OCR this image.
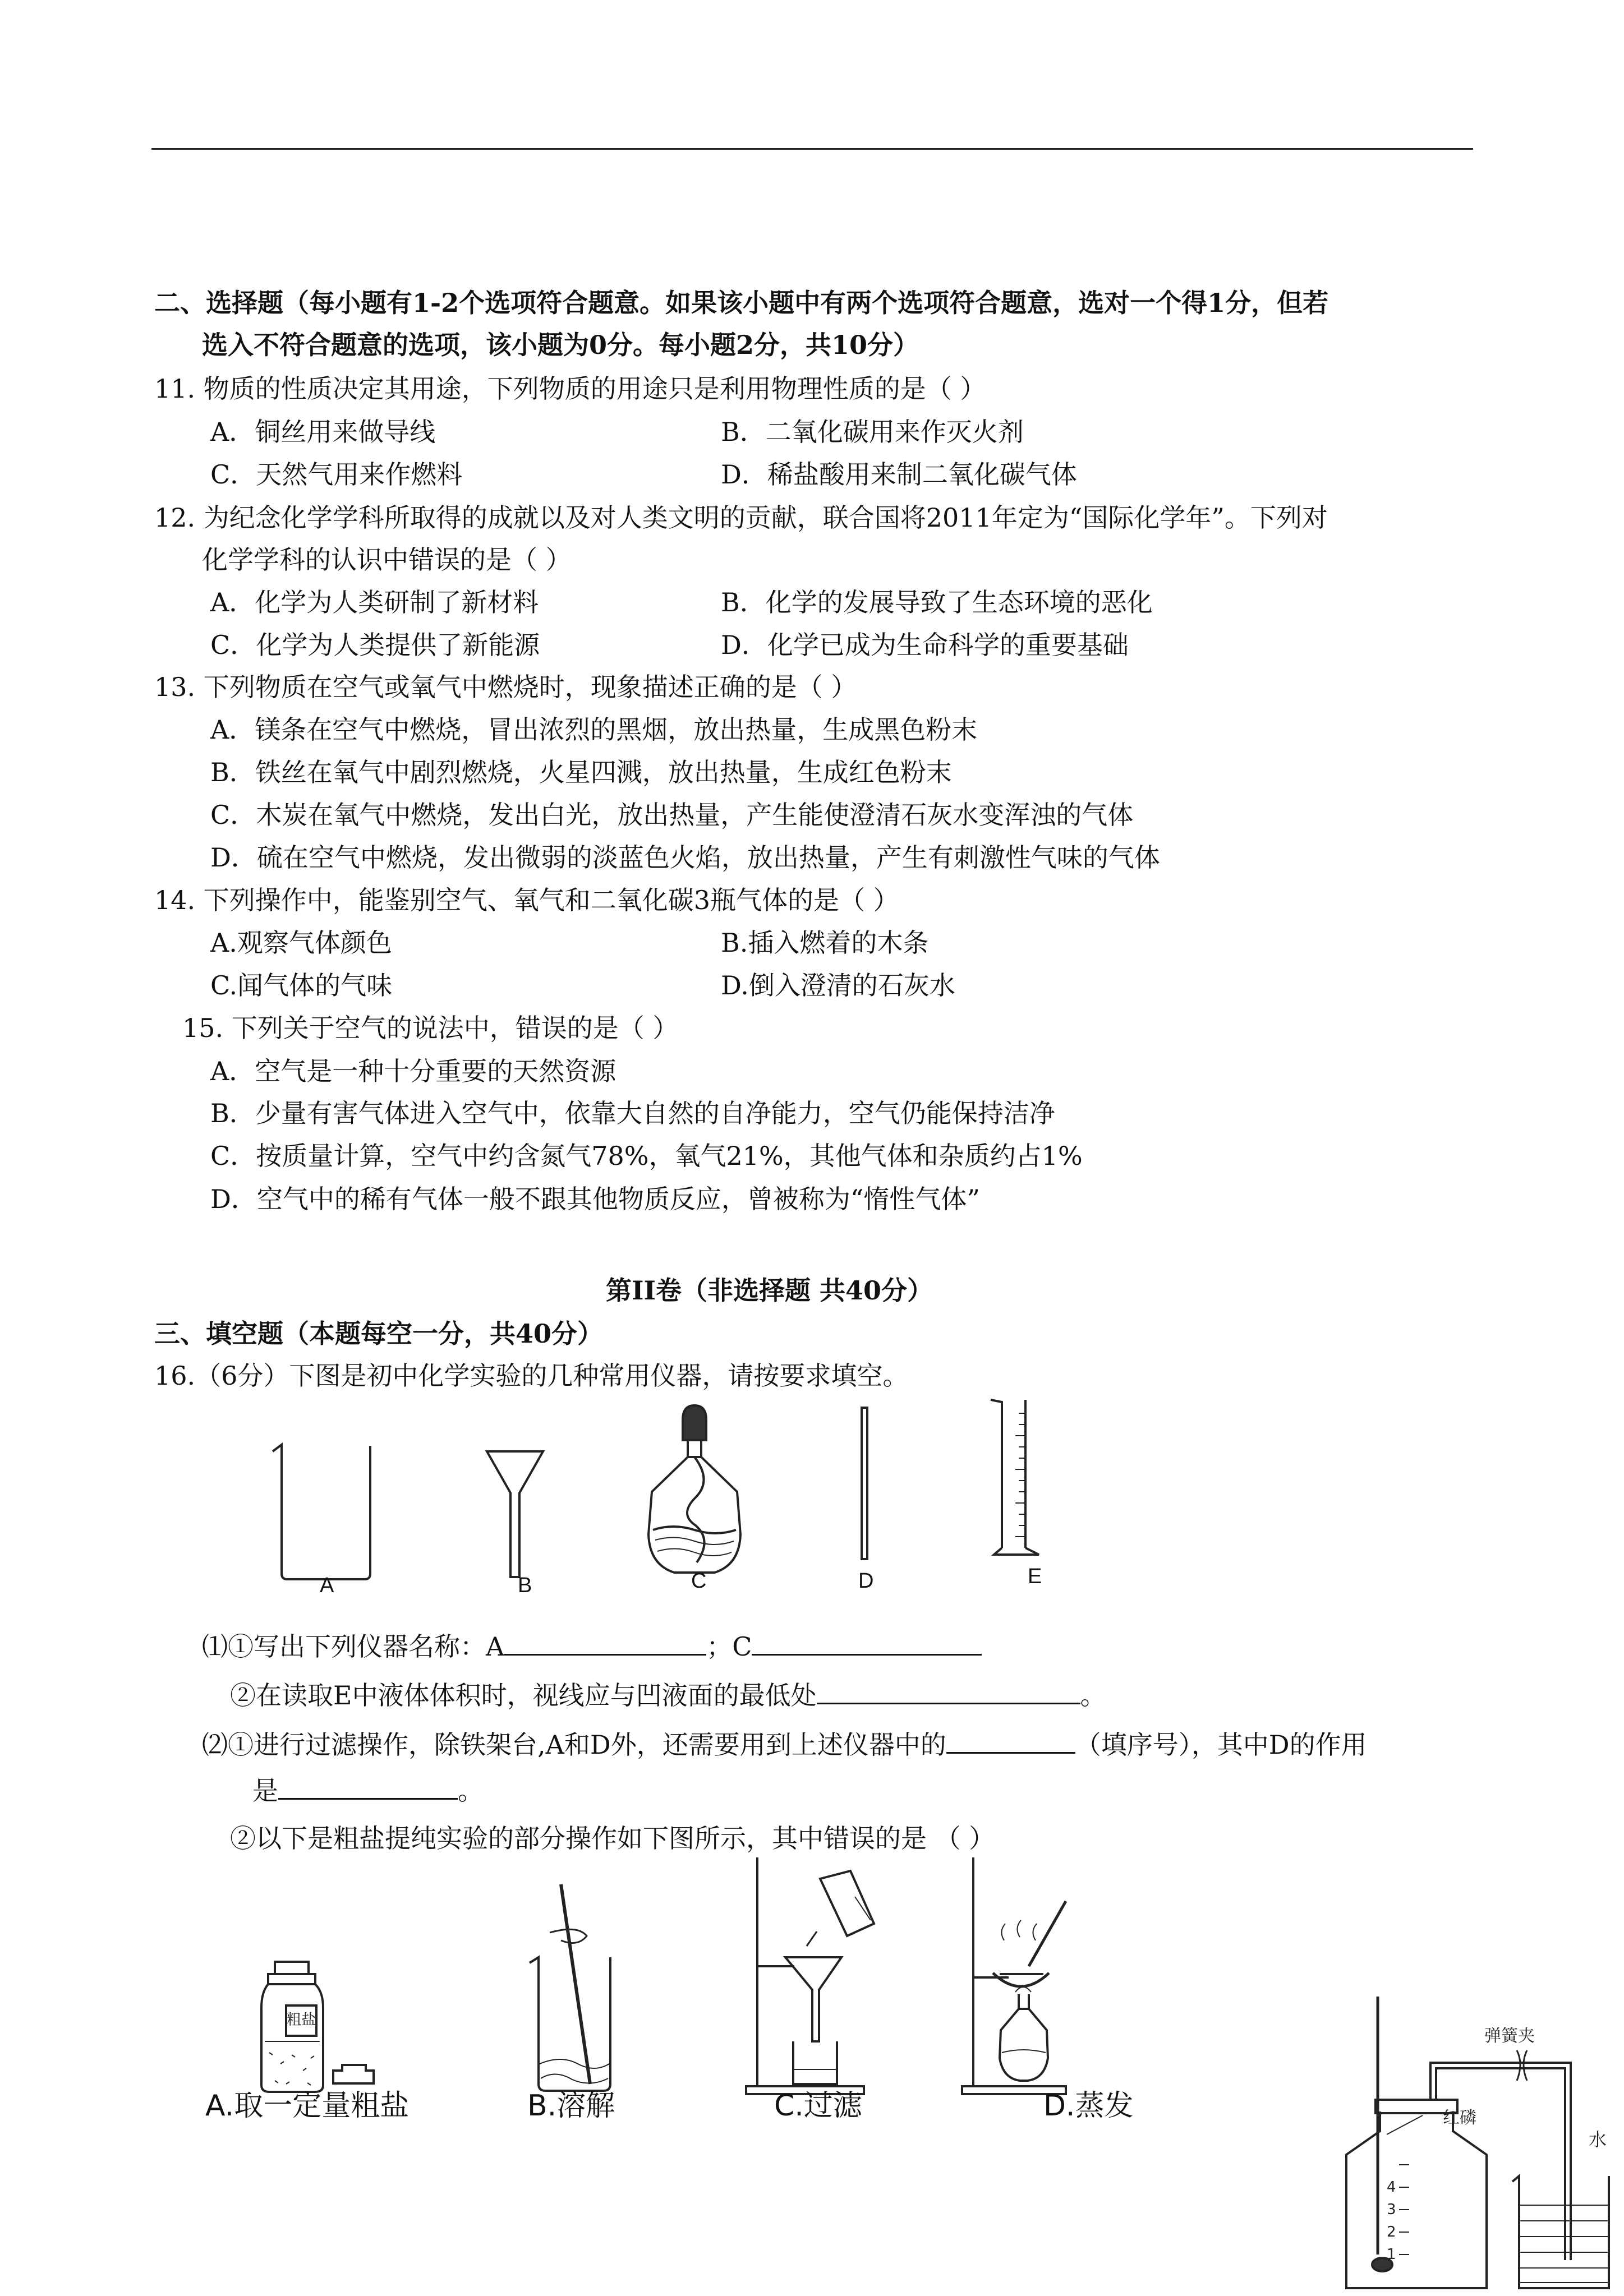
二、选择题（每小题有1-2个选项符合题意。如果该小题中有两个选项符合题意，选对一个得1分，但若
选入不符合题意的选项，该小题为0分。每小题2分，共10分）
11. 物质的性质决定其用途，下列物质的用途只是利用物理性质的是（ ）
A．铜丝用来做导线	B．二氧化碳用来作灭火剂
C．天然气用来作燃料	D．稀盐酸用来制二氧化碳气体
12. 为纪念化学学科所取得的成就以及对人类文明的贡献，联合国将2011年定为“国际化学年”。下列对
化学学科的认识中错误的是（ ）
A．化学为人类研制了新材料	B．化学的发展导致了生态环境的恶化
C．化学为人类提供了新能源	D．化学已成为生命科学的重要基础
13. 下列物质在空气或氧气中燃烧时，现象描述正确的是（ ）
A．镁条在空气中燃烧，冒出浓烈的黑烟，放出热量，生成黑色粉末
B．铁丝在氧气中剧烈燃烧，火星四溅，放出热量，生成红色粉末
C．木炭在氧气中燃烧，发出白光，放出热量，产生能使澄清石灰水变浑浊的气体
D．硫在空气中燃烧，发出微弱的淡蓝色火焰，放出热量，产生有刺激性气味的气体
14. 下列操作中，能鉴别空气、氧气和二氧化碳3瓶气体的是（ ）
A.观察气体颜色	B.插入燃着的木条
C.闻气体的气味	D.倒入澄清的石灰水
15. 下列关于空气的说法中，错误的是（ ）
A．空气是一种十分重要的天然资源
B．少量有害气体进入空气中，依靠大自然的自净能力，空气仍能保持洁净
C．按质量计算，空气中约含氮气78%，氧气21%，其他气体和杂质约占1%
D．空气中的稀有气体一般不跟其他物质反应，曾被称为“惰性气体”
第II卷（非选择题 共40分）
三、填空题（本题每空一分，共40分）
16.（6分）下图是初中化学实验的几种常用仪器，请按要求填空。
A	B	C	D	E
⑴①写出下列仪器名称：A	；C
②在读取E中液体体积时，视线应与凹液面的最低处	。
⑵①进行过滤操作，除铁架台,A和D外，还需要用到上述仪器中的	（填序号），其中D的作用
是	。
②以下是粗盐提纯实验的部分操作如下图所示，其中错误的是 （ ）
粗盐
A.取一定量粗盐	B.溶解	C.过滤	D.蒸发
弹簧夹
红磷
水
4
3
2
1
